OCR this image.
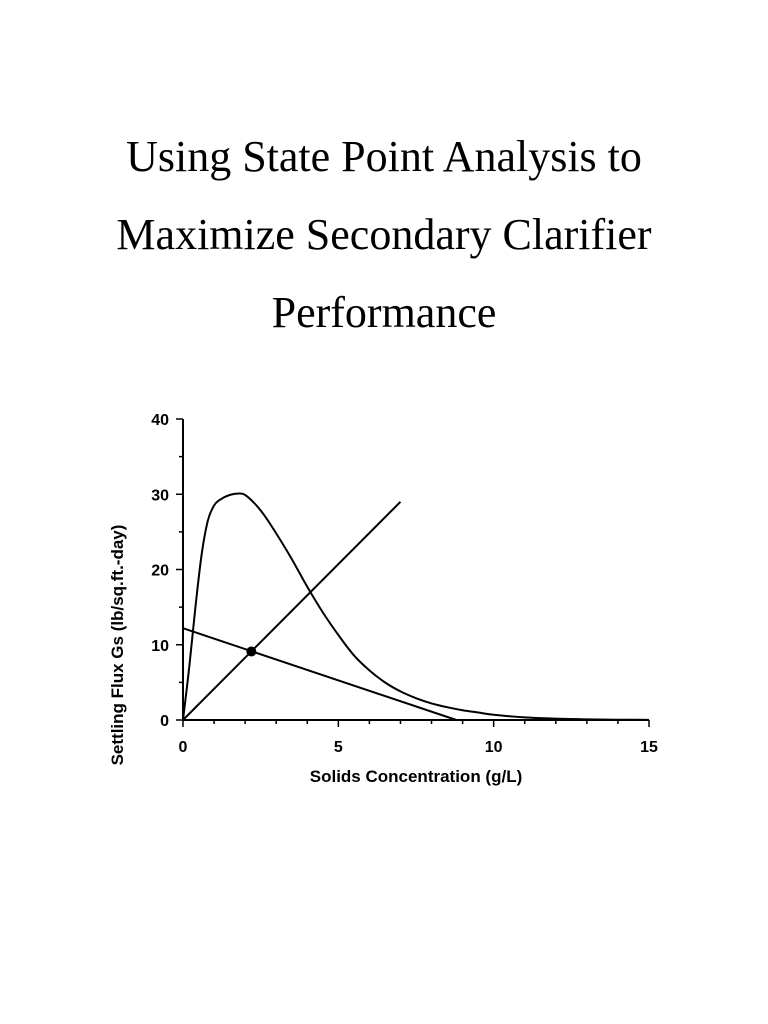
Using State Point Analysis to
Maximize Secondary Clarifier
Performance
0	5	10	15
0
10
20
30
40
Solids Concentration (g/L)
Settling Flux Gs (lb/sq.ft.-day)
